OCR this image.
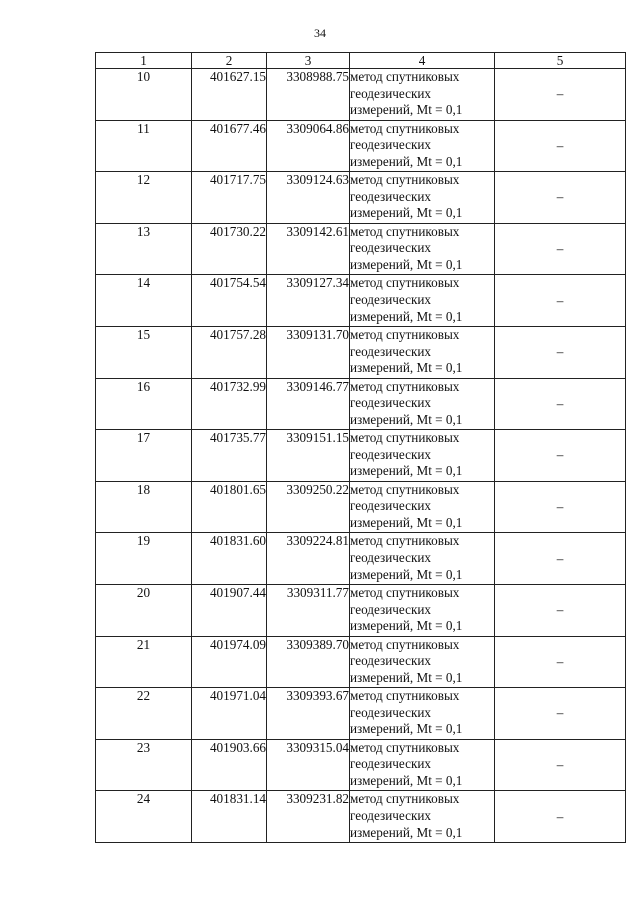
34
1	2	3	4	5
10	401627.15	3308988.75	метод спутниковых
геодезических
измерений, Mt = 0,1	–
11	401677.46	3309064.86	метод спутниковых
геодезических
измерений, Mt = 0,1	–
12	401717.75	3309124.63	метод спутниковых
геодезических
измерений, Mt = 0,1	–
13	401730.22	3309142.61	метод спутниковых
геодезических
измерений, Mt = 0,1	–
14	401754.54	3309127.34	метод спутниковых
геодезических
измерений, Mt = 0,1	–
15	401757.28	3309131.70	метод спутниковых
геодезических
измерений, Mt = 0,1	–
16	401732.99	3309146.77	метод спутниковых
геодезических
измерений, Mt = 0,1	–
17	401735.77	3309151.15	метод спутниковых
геодезических
измерений, Mt = 0,1	–
18	401801.65	3309250.22	метод спутниковых
геодезических
измерений, Mt = 0,1	–
19	401831.60	3309224.81	метод спутниковых
геодезических
измерений, Mt = 0,1	–
20	401907.44	3309311.77	метод спутниковых
геодезических
измерений, Mt = 0,1	–
21	401974.09	3309389.70	метод спутниковых
геодезических
измерений, Mt = 0,1	–
22	401971.04	3309393.67	метод спутниковых
геодезических
измерений, Mt = 0,1	–
23	401903.66	3309315.04	метод спутниковых
геодезических
измерений, Mt = 0,1	–
24	401831.14	3309231.82	метод спутниковых
геодезических
измерений, Mt = 0,1	–
